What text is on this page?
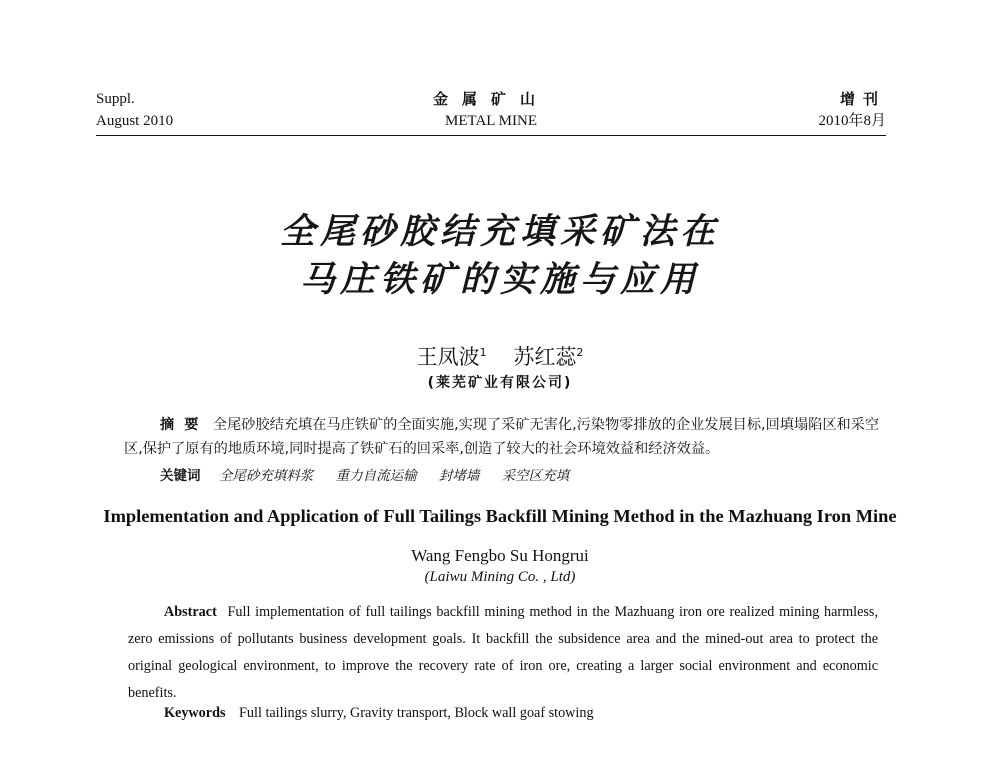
Suppl.
August 2010
金属矿山
METAL MINE
增刊
2010年8月
全尾砂胶结充填采矿法在
马庄铁矿的实施与应用
王凤波$^1$ 苏红蕊$^2$
(莱芜矿业有限公司)
摘要 全尾砂胶结充填在马庄铁矿的全面实施,实现了采矿无害化,污染物零排放的企业发展目标,回填塌陷区和采空区,保护了原有的地质环境,同时提高了铁矿石的回采率,创造了较大的社会环境效益和经济效益。
关键词 全尾砂充填料浆 重力自流运输 封堵墙 采空区充填
Implementation and Application of Full Tailings Backfill Mining Method in the Mazhuang Iron Mine
Wang Fengbo Su Hongrui
(Laiwu Mining Co. , Ltd)
Abstract Full implementation of full tailings backfill mining method in the Mazhuang iron ore realized mining harmless, zero emissions of pollutants business development goals. It backfill the subsidence area and the mined-out area to protect the original geological environment, to improve the recovery rate of iron ore, creating a larger social environment and economic benefits.
Keywords Full tailings slurry, Gravity transport, Block wall goaf stowing
